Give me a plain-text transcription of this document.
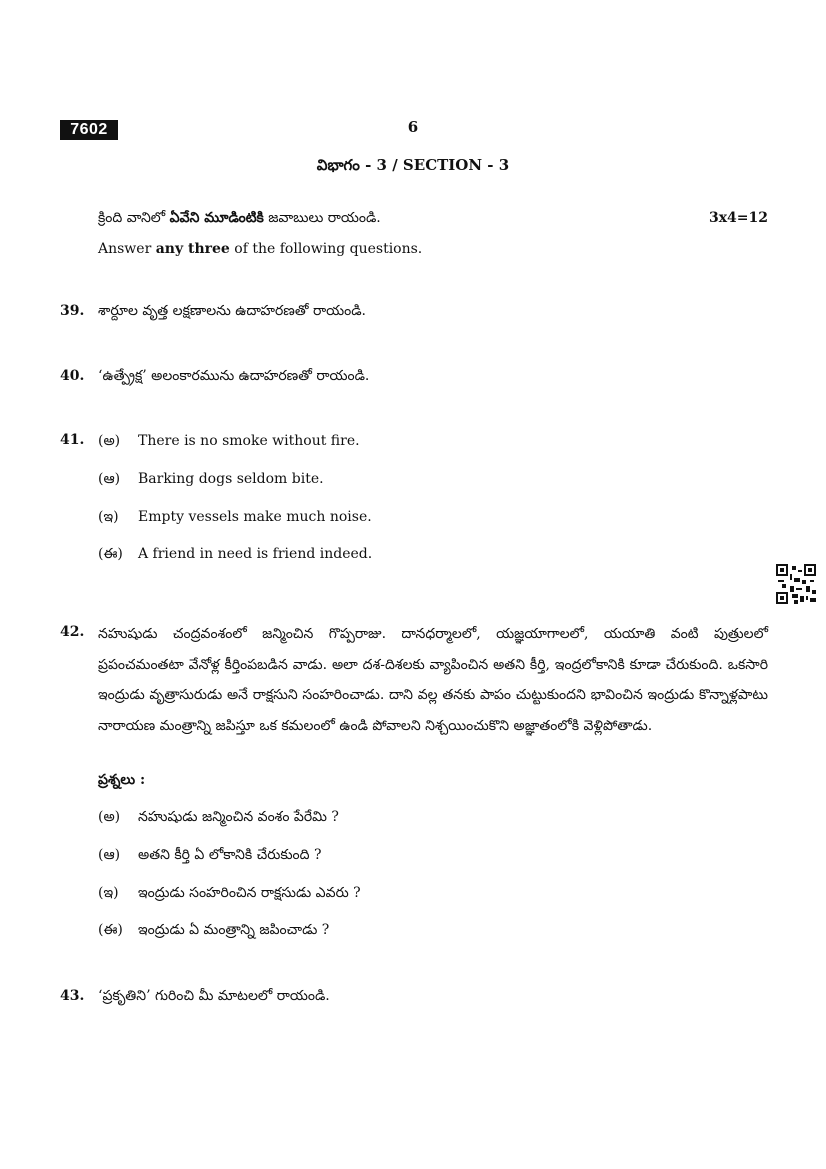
7602	6
విభాగం - 3 / SECTION - 3
క్రింది వానిలో ఏవేని మూడింటికి జవాబులు రాయండి.	3x4=12
Answer any three of the following questions.
39. శార్దూల వృత్త లక్షణాలను ఉదాహరణతో రాయండి.
40. ‘ఉత్ప్రేక్ష’ అలంకారమును ఉదాహరణతో రాయండి.
41. (అ) There is no smoke without fire.
(ఆ) Barking dogs seldom bite.
(ఇ) Empty vessels make much noise.
(ఈ) A friend in need is friend indeed.
42. నహుషుడు చంద్రవంశంలో జన్మించిన గొప్పరాజు. దానధర్మాలలో, యజ్ఞయాగాలలో, యయాతి వంటి పుత్రులలో ప్రపంచమంతటా వేనోళ్ల కీర్తింపబడిన వాడు. అలా దశ-దిశలకు వ్యాపించిన అతని కీర్తి, ఇంద్రలోకానికి కూడా చేరుకుంది. ఒకసారి ఇంద్రుడు వృత్రాసురుడు అనే రాక్షసుని సంహరించాడు. దాని వల్ల తనకు పాపం చుట్టుకుందని భావించిన ఇంద్రుడు కొన్నాళ్లపాటు నారాయణ మంత్రాన్ని జపిస్తూ ఒక కమలంలో ఉండి పోవాలని నిశ్చయించుకొని అజ్ఞాతంలోకి వెళ్లిపోతాడు.
ప్రశ్నలు :
(అ) నహుషుడు జన్మించిన వంశం పేరేమి ?
(ఆ) అతని కీర్తి ఏ లోకానికి చేరుకుంది ?
(ఇ) ఇంద్రుడు సంహరించిన రాక్షసుడు ఎవరు ?
(ఈ) ఇంద్రుడు ఏ మంత్రాన్ని జపించాడు ?
43. ‘ప్రకృతిని’ గురించి మీ మాటలలో రాయండి.
